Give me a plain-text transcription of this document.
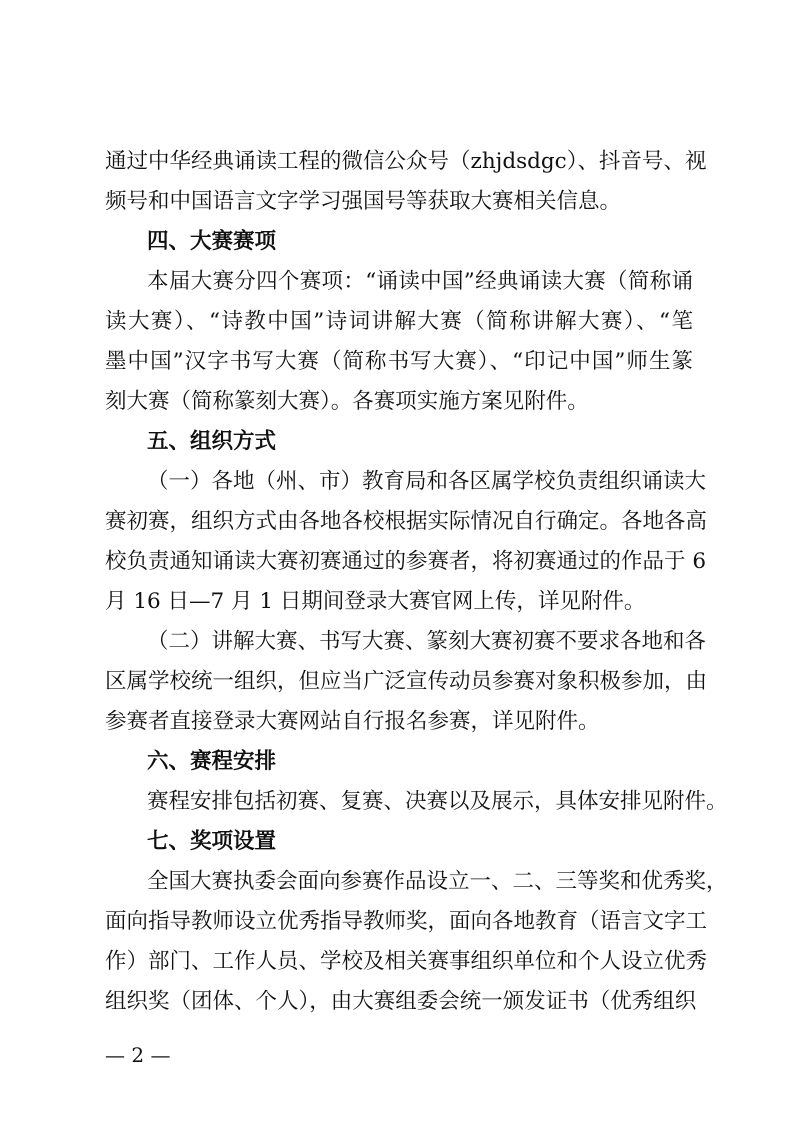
通过中华经典诵读工程的微信公众号（zhjdsdgc）、抖音号、视
频号和中国语言文字学习强国号等获取大赛相关信息。
四、大赛赛项
本届大赛分四个赛项：“诵读中国”经典诵读大赛（简称诵
读大赛）、“诗教中国”诗词讲解大赛（简称讲解大赛）、“笔
墨中国”汉字书写大赛（简称书写大赛）、“印记中国”师生篆
刻大赛（简称篆刻大赛）。各赛项实施方案见附件。
五、组织方式
（一）各地（州、市）教育局和各区属学校负责组织诵读大
赛初赛，组织方式由各地各校根据实际情况自行确定。各地各高
校负责通知诵读大赛初赛通过的参赛者，将初赛通过的作品于 6
月 16 日—7 月 1 日期间登录大赛官网上传，详见附件。
（二）讲解大赛、书写大赛、篆刻大赛初赛不要求各地和各
区属学校统一组织，但应当广泛宣传动员参赛对象积极参加，由
参赛者直接登录大赛网站自行报名参赛，详见附件。
六、赛程安排
赛程安排包括初赛、复赛、决赛以及展示，具体安排见附件。
七、奖项设置
全国大赛执委会面向参赛作品设立一、二、三等奖和优秀奖，
面向指导教师设立优秀指导教师奖，面向各地教育（语言文字工
作）部门、工作人员、学校及相关赛事组织单位和个人设立优秀
组织奖（团体、个人），由大赛组委会统一颁发证书（优秀组织
— 2 —
